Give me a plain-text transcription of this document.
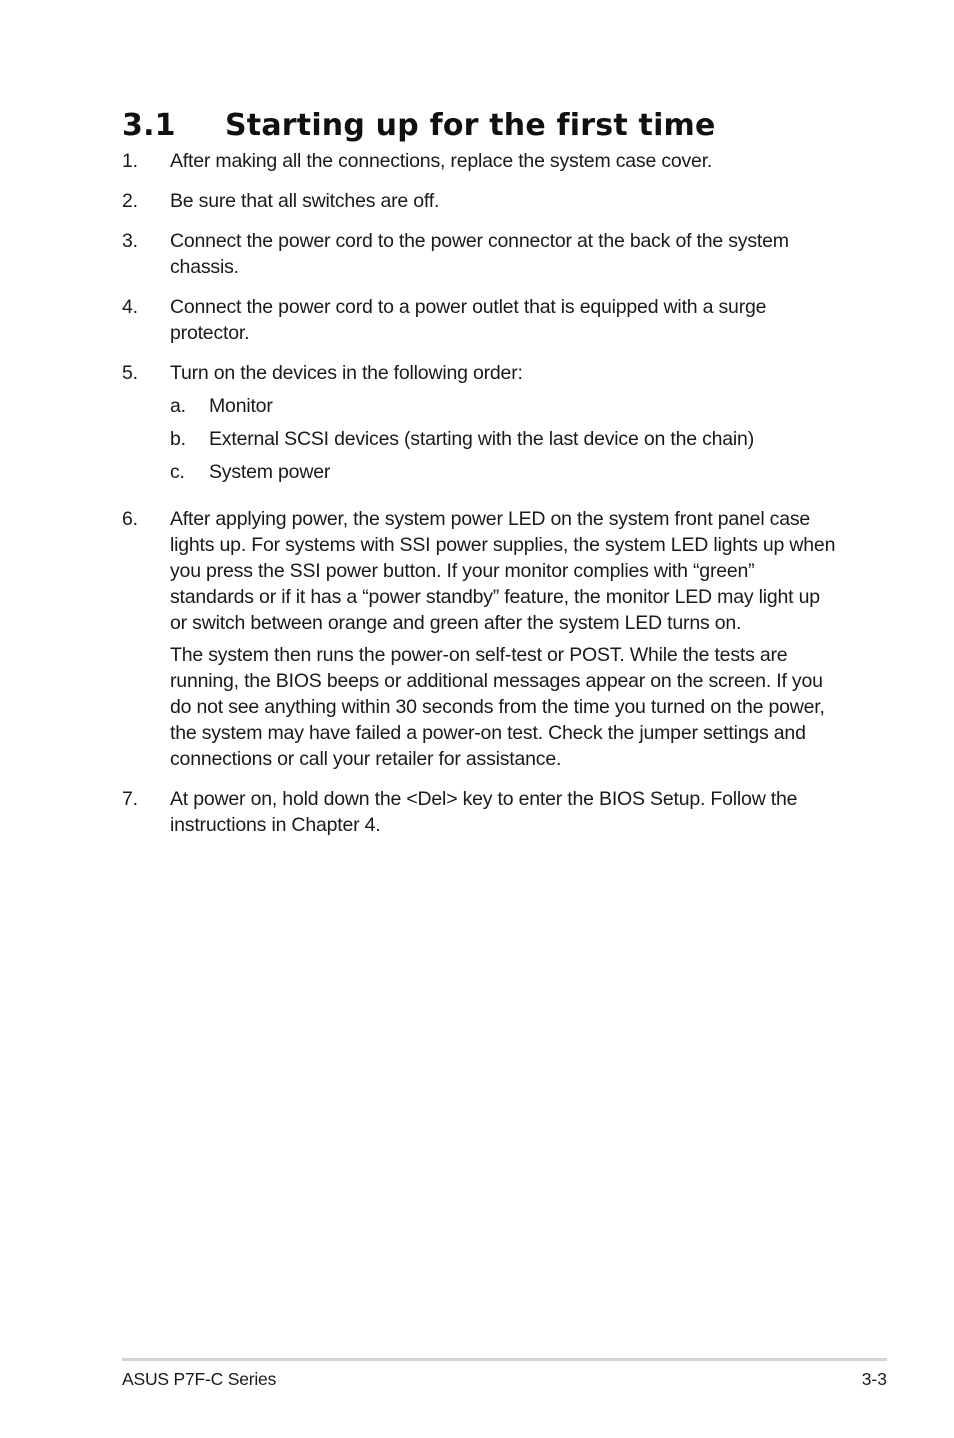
3.1 Starting up for the first time
1.	After making all the connections, replace the system case cover.

2.	Be sure that all switches are off.

3.	Connect the power cord to the power connector at the back of the system chassis.

4.	Connect the power cord to a power outlet that is equipped with a surge protector.

5.	Turn on the devices in the following order:

a.	Monitor
b.	External SCSI devices (starting with the last device on the chain)
c.	System power
6.	After applying power, the system power LED on the system front panel case lights up. For systems with SSI power supplies, the system LED lights up when you press the SSI power button. If your monitor complies with “green” standards or if it has a “power standby” feature, the monitor LED may light up or switch between orange and green after the system LED turns on.

The system then runs the power-on self-test or POST. While the tests are running, the BIOS beeps or additional messages appear on the screen. If you do not see anything within 30 seconds from the time you turned on the power, the system may have failed a power-on test. Check the jumper settings and connections or call your retailer for assistance.

7.	At power on, hold down the <Del> key to enter the BIOS Setup. Follow the instructions in Chapter 4.

ASUS P7F-C Series	3-3
